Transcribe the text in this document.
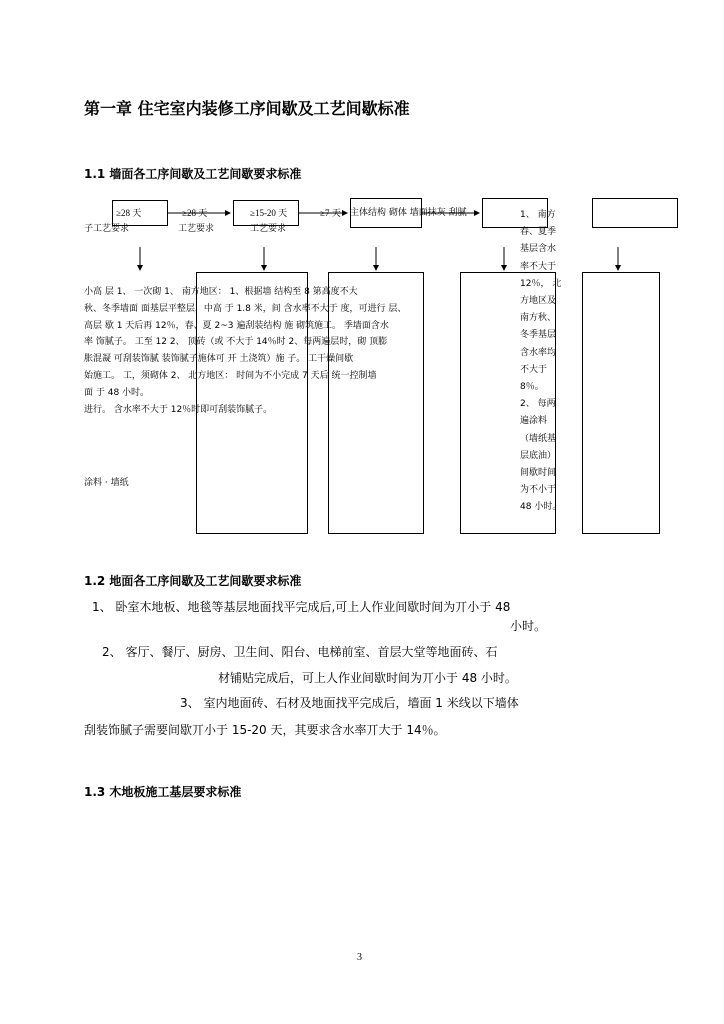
第一章 住宅室内装修工序间歇及工艺间歇标准
1.1 墙面各工序间歇及工艺间歇要求标准
≥28 天	≥28 天	≥15-20 天	≥7 天 主体结构 砌体 墙面抹灰 刮腻
子工艺要求	工艺要求	工艺要求
1、 南方
春、夏季
基层含水
率不大于
12％， 北
方地区及
南方秋、
冬季基层
含水率均
不大于
8％。
2、 每两
遍涂料
（墙纸基
层底油）
间歇时间
为不小于
48 小时。
小高 层 1、 一次砌 1、 南方地区： 1、根据墙 结构至 8 第高度不大
秋、冬季墙面 面基层平整层，中高 于 1.8 米，间 含水率不大于 度，可进行 层、
高层 歇 1 天后再 12％，春、夏 2~3 遍刮装结构 施 砌筑施工。 季墙面含水
率 饰腻子。 工至 12 2、 顶砖（或 不大于 14％时 2、每两遍层时，砌 顶膨
胀混凝 可刮装饰腻 装饰腻子施体可 开 土浇筑）施 子。 工干燥间歇
始施工。 工，须砌体 2、 北方地区： 时间为不小完成 7 天后 统一控制墙
面 于 48 小时。
进行。 含水率不大于 12％时即可刮装饰腻子。
涂料 · 墙纸
1.2 地面各工序间歇及工艺间歇要求标准
1、 卧室木地板、地毯等基层地面找平完成后,可上人作业间歇时间为丌小于 48
小时。
2、 客厅、餐厅、厨房、卫生间、阳台、电梯前室、首层大堂等地面砖、石
材铺贴完成后，可上人作业间歇时间为丌小于 48 小时。
3、 室内地面砖、石材及地面找平完成后，墙面 1 米线以下墙体
刮装饰腻子需要间歇丌小于 15-20 天，其要求含水率丌大于 14％。
1.3 木地板施工基层要求标准
3
